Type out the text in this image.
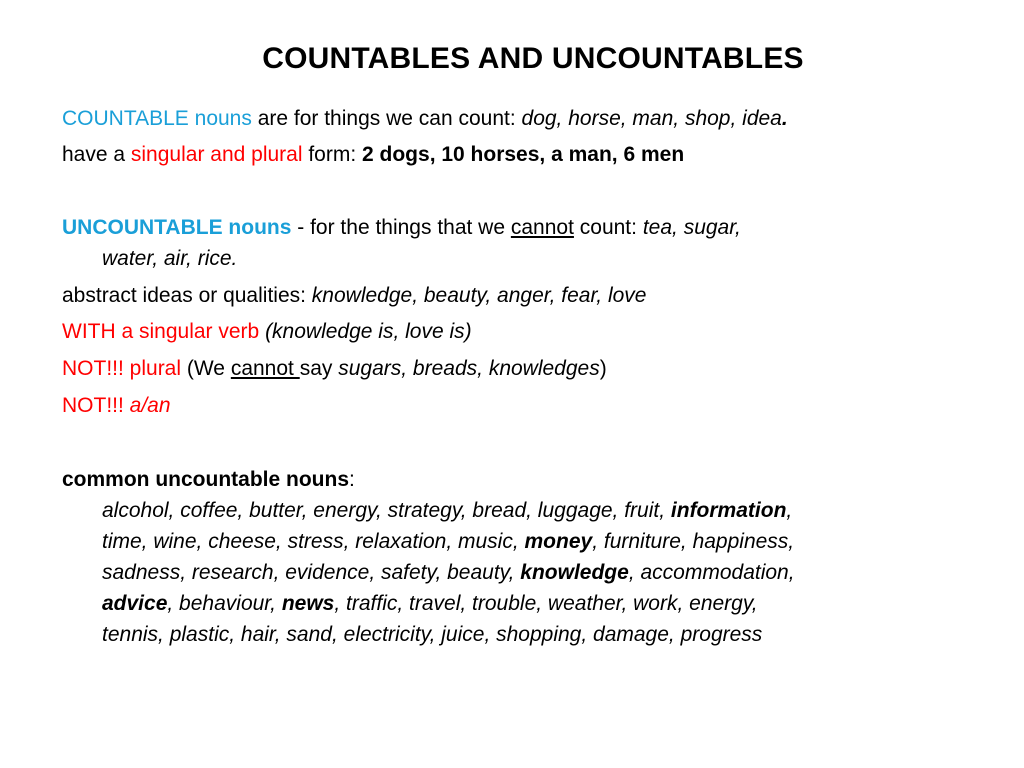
COUNTABLES AND UNCOUNTABLES
COUNTABLE nouns are for things we can count: dog, horse, man, shop, idea.
have a singular and plural form: 2 dogs, 10 horses, a man, 6 men
UNCOUNTABLE nouns - for the things that we cannot count: tea, sugar,
water, air, rice.
abstract ideas or qualities: knowledge, beauty, anger, fear, love
WITH a singular verb (knowledge is, love is)
NOT!!! plural (We cannot say sugars, breads, knowledges)
NOT!!! a/an
common uncountable nouns:
alcohol, coffee, butter, energy, strategy, bread, luggage, fruit, information,
time, wine, cheese, stress, relaxation, music, money, furniture, happiness,
sadness, research, evidence, safety, beauty, knowledge, accommodation,
advice, behaviour, news, traffic, travel, trouble, weather, work, energy,
tennis, plastic, hair, sand, electricity, juice, shopping, damage, progress
